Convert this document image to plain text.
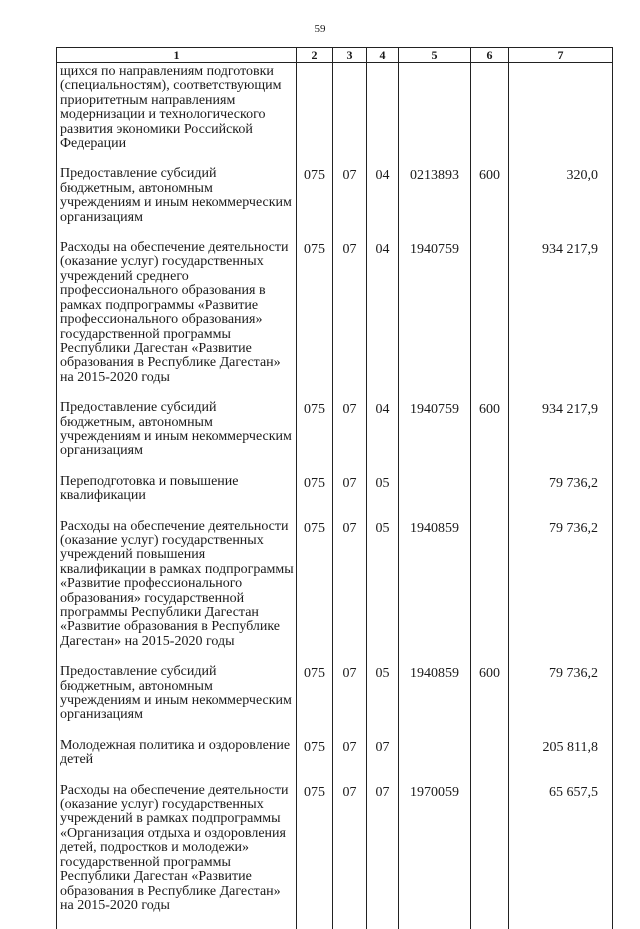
59
1	2	3	4	5	6	7
щихся по направлениям подготовки (специальностям), соответствующим приоритетным направлениям модернизации и технологического развития экономики Российской Федерации

Предоставление субсидий бюджетным, автономным учреждениям и иным некоммерческим организациям	075	07	04	0213893	600	320,0

Расходы на обеспечение деятельности (оказание услуг) государственных учреждений среднего профессионального образования в рамках подпрограммы «Развитие профессионального образования» государственной программы Республики Дагестан «Развитие образования в Республике Дагестан» на 2015-2020 годы	075	07	04	1940759		934 217,9

Предоставление субсидий бюджетным, автономным учреждениям и иным некоммерческим организациям	075	07	04	1940759	600	934 217,9

Переподготовка и повышение квалификации	075	07	05			79 736,2

Расходы на обеспечение деятельности (оказание услуг) государственных учреждений повышения квалификации в рамках подпрограммы «Развитие профессионального образования» государственной программы Республики Дагестан «Развитие образования в Республике Дагестан» на 2015-2020 годы	075	07	05	1940859		79 736,2

Предоставление субсидий бюджетным, автономным учреждениям и иным некоммерческим организациям	075	07	05	1940859	600	79 736,2

Молодежная политика и оздоровление детей	075	07	07			205 811,8

Расходы на обеспечение деятельности (оказание услуг) государственных учреждений в рамках подпрограммы «Организация отдыха и оздоровления детей, подростков и молодежи» государственной программы Республики Дагестан «Развитие образования в Республике Дагестан» на 2015-2020 годы	075	07	07	1970059		65 657,5
